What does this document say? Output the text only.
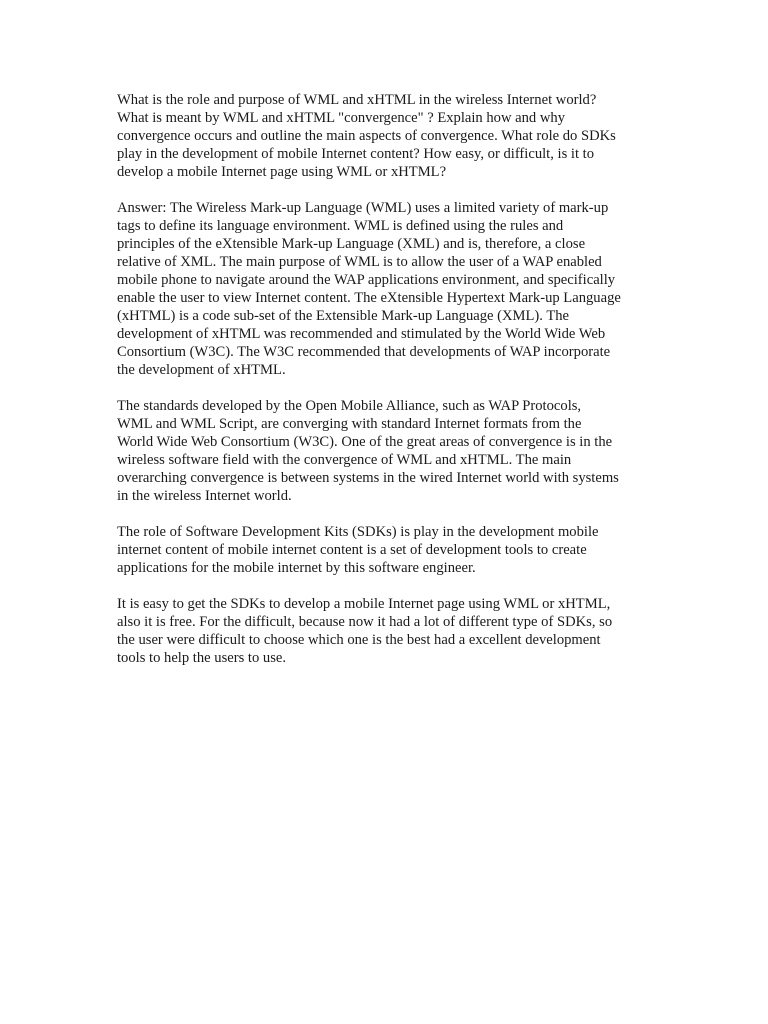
What is the role and purpose of WML and xHTML in the wireless Internet world?
What is meant by WML and xHTML "convergence" ? Explain how and why
convergence occurs and outline the main aspects of convergence. What role do SDKs
play in the development of mobile Internet content? How easy, or difficult, is it to
develop a mobile Internet page using WML or xHTML?

Answer: The Wireless Mark-up Language (WML) uses a limited variety of mark-up
tags to define its language environment. WML is defined using the rules and
principles of the eXtensible Mark-up Language (XML) and is, therefore, a close
relative of XML. The main purpose of WML is to allow the user of a WAP enabled
mobile phone to navigate around the WAP applications environment, and specifically
enable the user to view Internet content. The eXtensible Hypertext Mark-up Language
(xHTML) is a code sub-set of the Extensible Mark-up Language (XML). The
development of xHTML was recommended and stimulated by the World Wide Web
Consortium (W3C). The W3C recommended that developments of WAP incorporate
the development of xHTML.

The standards developed by the Open Mobile Alliance, such as WAP Protocols,
WML and WML Script, are converging with standard Internet formats from the
World Wide Web Consortium (W3C). One of the great areas of convergence is in the
wireless software field with the convergence of WML and xHTML. The main
overarching convergence is between systems in the wired Internet world with systems
in the wireless Internet world.

The role of Software Development Kits (SDKs) is play in the development mobile
internet content of mobile internet content is a set of development tools to create
applications for the mobile internet by this software engineer.

It is easy to get the SDKs to develop a mobile Internet page using WML or xHTML,
also it is free. For the difficult, because now it had a lot of different type of SDKs, so
the user were difficult to choose which one is the best had a excellent development
tools to help the users to use.
